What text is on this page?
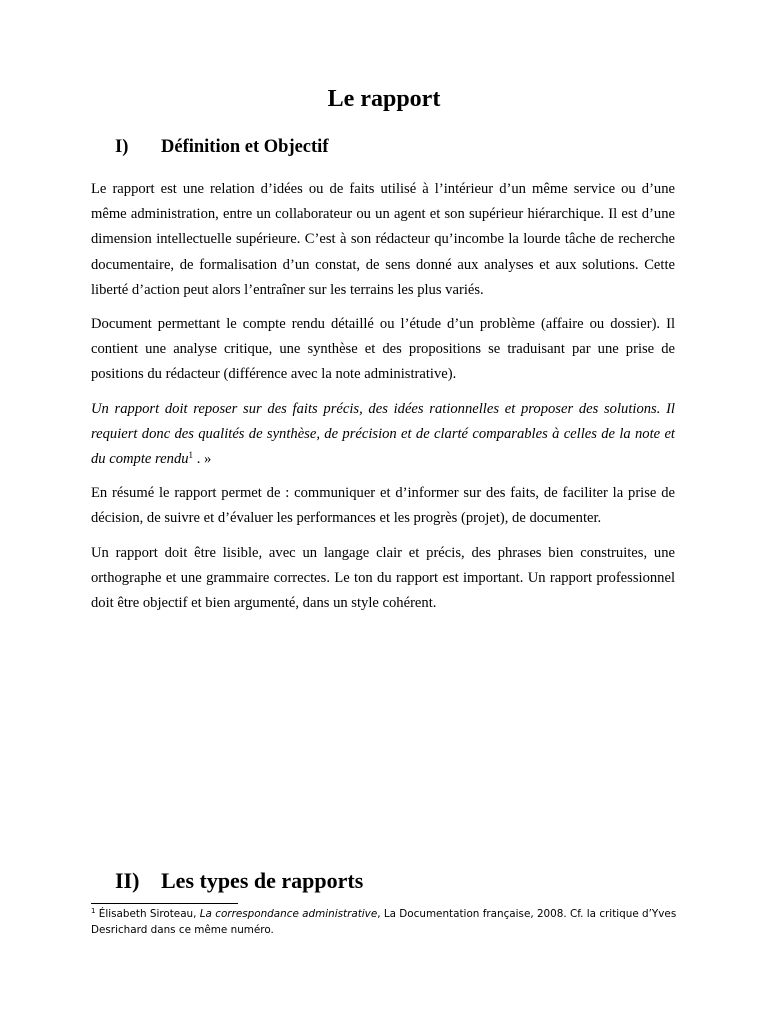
Le rapport
I) Définition et Objectif

Le rapport est une relation d’idées ou de faits utilisé à l’intérieur d’un même service ou d’une même administration, entre un collaborateur ou un agent et son supérieur hiérarchique. Il est d’une dimension intellectuelle supérieure. C’est à son rédacteur qu’incombe la lourde tâche de recherche documentaire, de formalisation d’un constat, de sens donné aux analyses et aux solutions. Cette liberté d’action peut alors l’entraîner sur les terrains les plus variés.

Document permettant le compte rendu détaillé ou l’étude d’un problème (affaire ou dossier). Il contient une analyse critique, une synthèse et des propositions se traduisant par une prise de positions du rédacteur (différence avec la note administrative).

Un rapport doit reposer sur des faits précis, des idées rationnelles et proposer des solutions. Il requiert donc des qualités de synthèse, de précision et de clarté comparables à celles de la note et du compte rendu$^1$ . »

En résumé le rapport permet de : communiquer et d’informer sur des faits, de faciliter la prise de décision, de suivre et d’évaluer les performances et les progrès (projet), de documenter.

Un rapport doit être lisible, avec un langage clair et précis, des phrases bien construites, une orthographe et une grammaire correctes. Le ton du rapport est important. Un rapport professionnel doit être objectif et bien argumenté, dans un style cohérent.

II) Les types de rapports
$^1$ Élisabeth Siroteau, La correspondance administrative, La Documentation française, 2008. Cf. la critique d’Yves Desrichard dans ce même numéro.
